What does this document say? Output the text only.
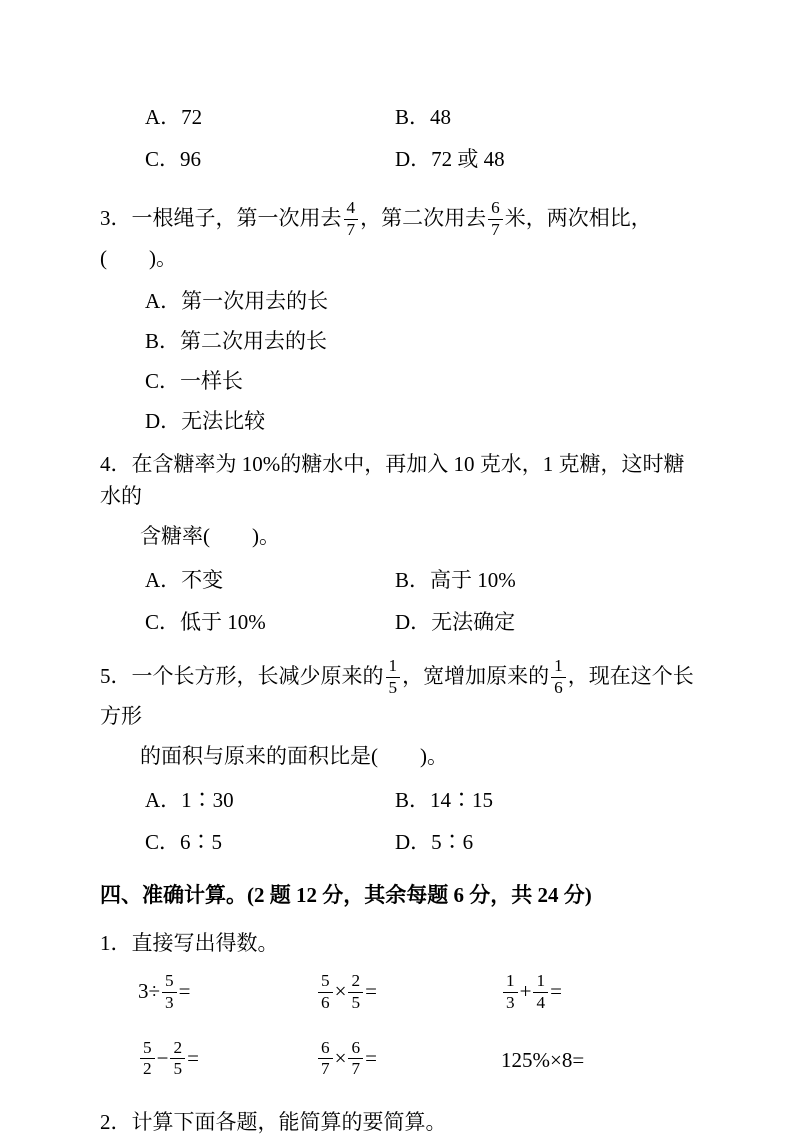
A．72	B．48
C．96	D．72 或 48
3．一根绳子，第一次用去 $\frac{4}{7}$ ，第二次用去 $\frac{6}{7}$ 米，两次相比，(　　)。
A．第一次用去的长
B．第二次用去的长
C．一样长
D．无法比较
4．在含糖率为 10%的糖水中，再加入 10 克水，1 克糖，这时糖水的
含糖率(　　)。
A．不变	B．高于 10%
C．低于 10%	D．无法确定
5．一个长方形，长减少原来的 $\frac{1}{5}$ ，宽增加原来的 $\frac{1}{6}$ ，现在这个长方形
的面积与原来的面积比是(　　)。
A．1∶30	B．14∶15
C．6∶5	D．5∶6
四、准确计算。(2 题 12 分，其余每题 6 分，共 24 分)
1．直接写出得数。
$3\div \frac{5}{3}$ =	$\frac{5}{6} \times \frac{2}{5}$ =	$\frac{1}{3} + \frac{1}{4}$ =
$\frac{5}{2} - \frac{2}{5}$ =	$\frac{6}{7} \times \frac{6}{7}$ =	125%×8=
2．计算下面各题，能简算的要简算。
